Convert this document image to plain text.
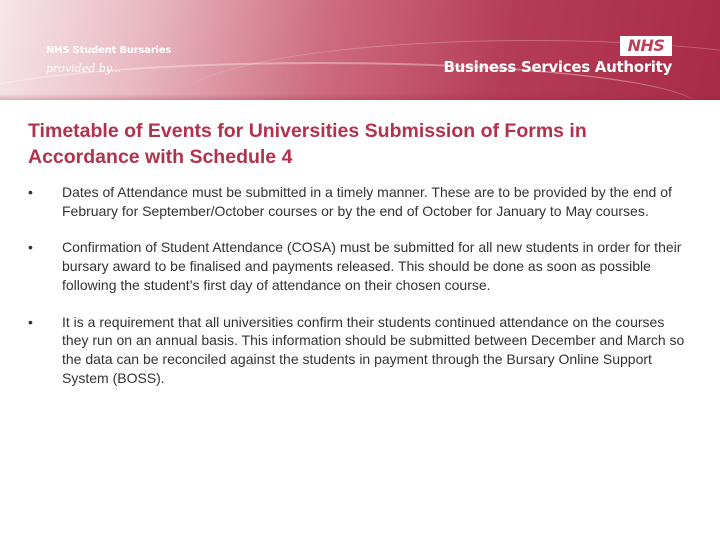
NHS Student Bursaries
provided by...
NHS
Business Services Authority
Timetable of Events for Universities Submission of Forms in Accordance with Schedule 4
•	Dates of Attendance must be submitted in a timely manner. These are to be provided by the end of February for September/October courses or by the end of October for January to May courses.
•	Confirmation of Student Attendance (COSA) must be submitted for all new students in order for their bursary award to be finalised and payments released. This should be done as soon as possible following the student’s first day of attendance on their chosen course.
•	It is a requirement that all universities confirm their students continued attendance on the courses they run on an annual basis. This information should be submitted between December and March so the data can be reconciled against the students in payment through the Bursary Online Support System (BOSS).
